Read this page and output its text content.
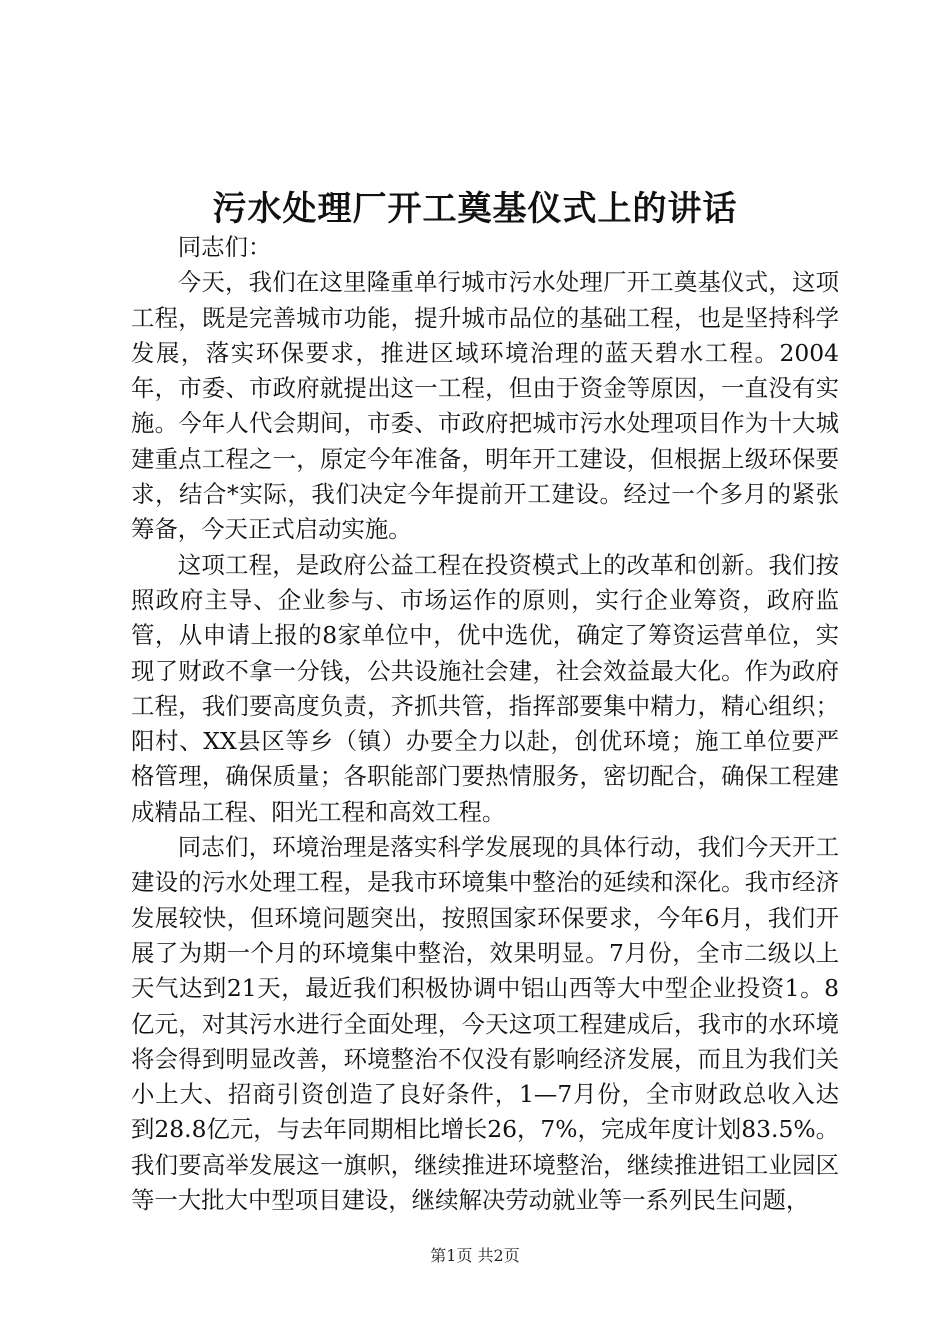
污水处理厂开工奠基仪式上的讲话

同志们：

今天，我们在这里隆重单行城市污水处理厂开工奠基仪式，这项工程，既是完善城市功能，提升城市品位的基础工程，也是坚持科学发展，落实环保要求，推进区域环境治理的蓝天碧水工程。2004年，市委、市政府就提出这一工程，但由于资金等原因，一直没有实施。今年人代会期间，市委、市政府把城市污水处理项目作为十大城建重点工程之一，原定今年准备，明年开工建设，但根据上级环保要求，结合*实际，我们决定今年提前开工建设。经过一个多月的紧张筹备，今天正式启动实施。

这项工程，是政府公益工程在投资模式上的改革和创新。我们按照政府主导、企业参与、市场运作的原则，实行企业筹资，政府监管，从申请上报的8家单位中，优中选优，确定了筹资运营单位，实现了财政不拿一分钱，公共设施社会建，社会效益最大化。作为政府工程，我们要高度负责，齐抓共管，指挥部要集中精力，精心组织；阳村、XX县区等乡（镇）办要全力以赴，创优环境；施工单位要严格管理，确保质量；各职能部门要热情服务，密切配合，确保工程建成精品工程、阳光工程和高效工程。

同志们，环境治理是落实科学发展现的具体行动，我们今天开工建设的污水处理工程，是我市环境集中整治的延续和深化。我市经济发展较快，但环境问题突出，按照国家环保要求，今年6月，我们开展了为期一个月的环境集中整治，效果明显。7月份，全市二级以上天气达到21天，最近我们积极协调中铝山西等大中型企业投资1。8亿元，对其污水进行全面处理，今天这项工程建成后，我市的水环境将会得到明显改善，环境整治不仅没有影响经济发展，而且为我们关小上大、招商引资创造了良好条件，1—7月份，全市财政总收入达到28.8亿元，与去年同期相比增长26，7%，完成年度计划83.5%。我们要高举发展这一旗帜，继续推进环境整治，继续推进铝工业园区等一大批大中型项目建设，继续解决劳动就业等一系列民生问题，

第1页 共2页
